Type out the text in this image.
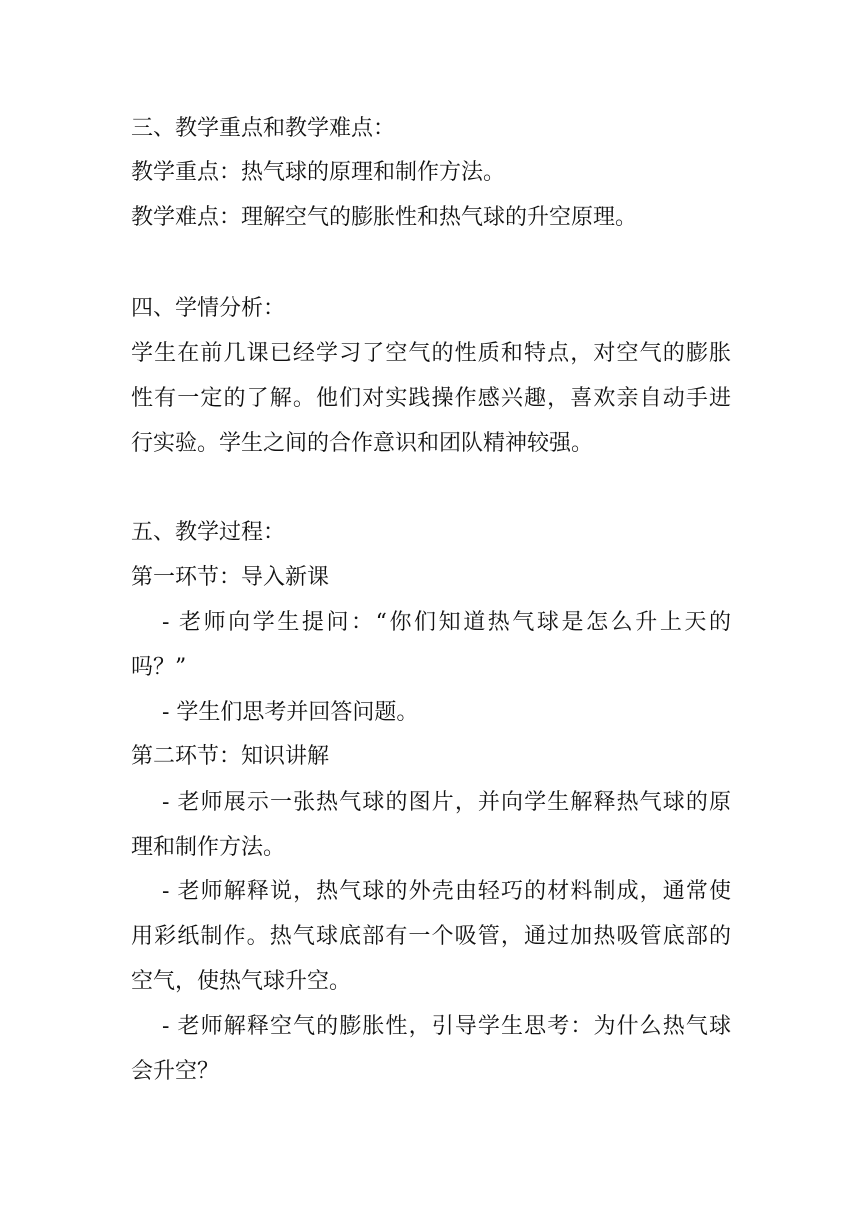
三、教学重点和教学难点：
教学重点：热气球的原理和制作方法。
教学难点：理解空气的膨胀性和热气球的升空原理。
四、学情分析：
学生在前几课已经学习了空气的性质和特点，对空气的膨胀
性有一定的了解。他们对实践操作感兴趣，喜欢亲自动手进
行实验。学生之间的合作意识和团队精神较强。
五、教学过程：
第一环节：导入新课
- 老师向学生提问：“你们知道热气球是怎么升上天的
吗？”
- 学生们思考并回答问题。
第二环节：知识讲解
- 老师展示一张热气球的图片，并向学生解释热气球的原
理和制作方法。
- 老师解释说，热气球的外壳由轻巧的材料制成，通常使
用彩纸制作。热气球底部有一个吸管，通过加热吸管底部的
空气，使热气球升空。
- 老师解释空气的膨胀性，引导学生思考：为什么热气球
会升空？
